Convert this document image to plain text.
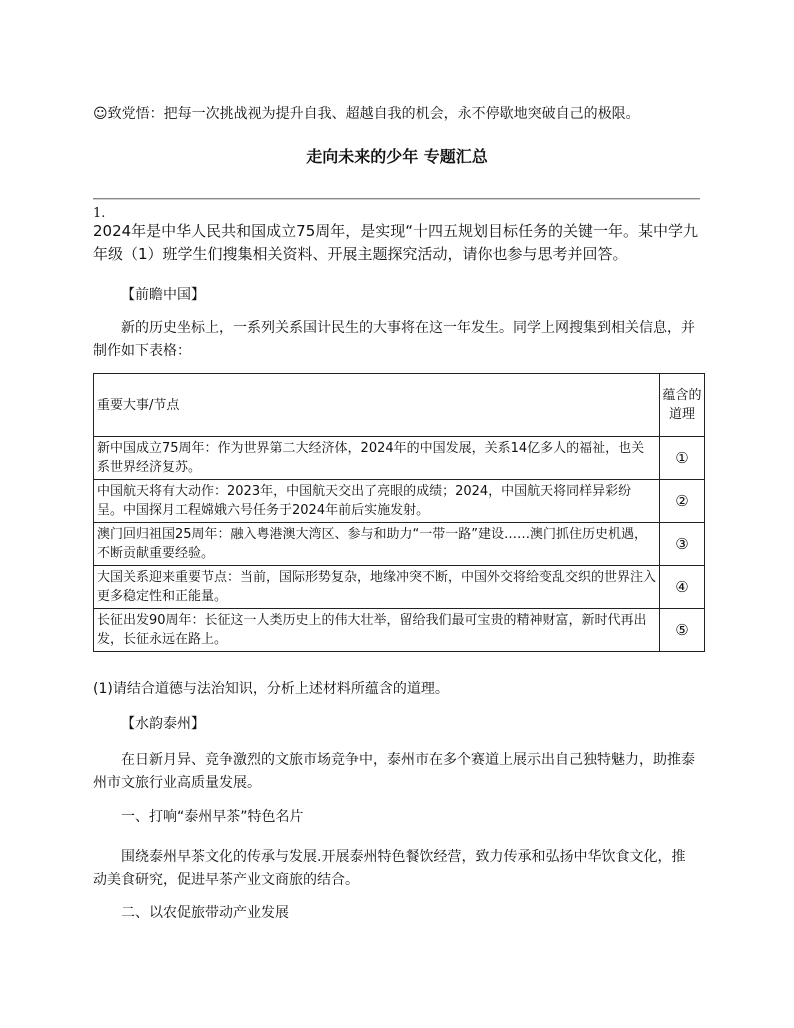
☺致党悟：把每一次挑战视为提升自我、超越自我的机会，永不停歇地突破自己的极限。
走向未来的少年 专题汇总
1.
2024年是中华人民共和国成立75周年，是实现“十四五规划目标任务的关键一年。某中学九年级（1）班学生们搜集相关资料、开展主题探究活动，请你也参与思考并回答。
【前瞻中国】
新的历史坐标上，一系列关系国计民生的大事将在这一年发生。同学上网搜集到相关信息，并制作如下表格：
重要大事/节点	蕴含的道理
新中国成立75周年：作为世界第二大经济体，2024年的中国发展，关系14亿多人的福祉，也关系世界经济复苏。	①
中国航天将有大动作：2023年，中国航天交出了亮眼的成绩；2024，中国航天将同样异彩纷呈。中国探月工程嫦娥六号任务于2024年前后实施发射。	②
澳门回归祖国25周年：融入粤港澳大湾区、参与和助力“一带一路”建设……澳门抓住历史机遇，不断贡献重要经验。	③
大国关系迎来重要节点：当前，国际形势复杂，地缘冲突不断，中国外交将给变乱交织的世界注入更多稳定性和正能量。	④
长征出发90周年：长征这一人类历史上的伟大壮举，留给我们最可宝贵的精神财富，新时代再出发，长征永远在路上。	⑤
(1)请结合道德与法治知识，分析上述材料所蕴含的道理。
【水韵泰州】
在日新月异、竞争激烈的文旅市场竞争中，泰州市在多个赛道上展示出自己独特魅力，助推泰州市文旅行业高质量发展。
一、打响“泰州早茶”特色名片
围绕泰州早茶文化的传承与发展.开展泰州特色餐饮经营，致力传承和弘扬中华饮食文化，推动美食研究，促进早茶产业文商旅的结合。
二、以农促旅带动产业发展
